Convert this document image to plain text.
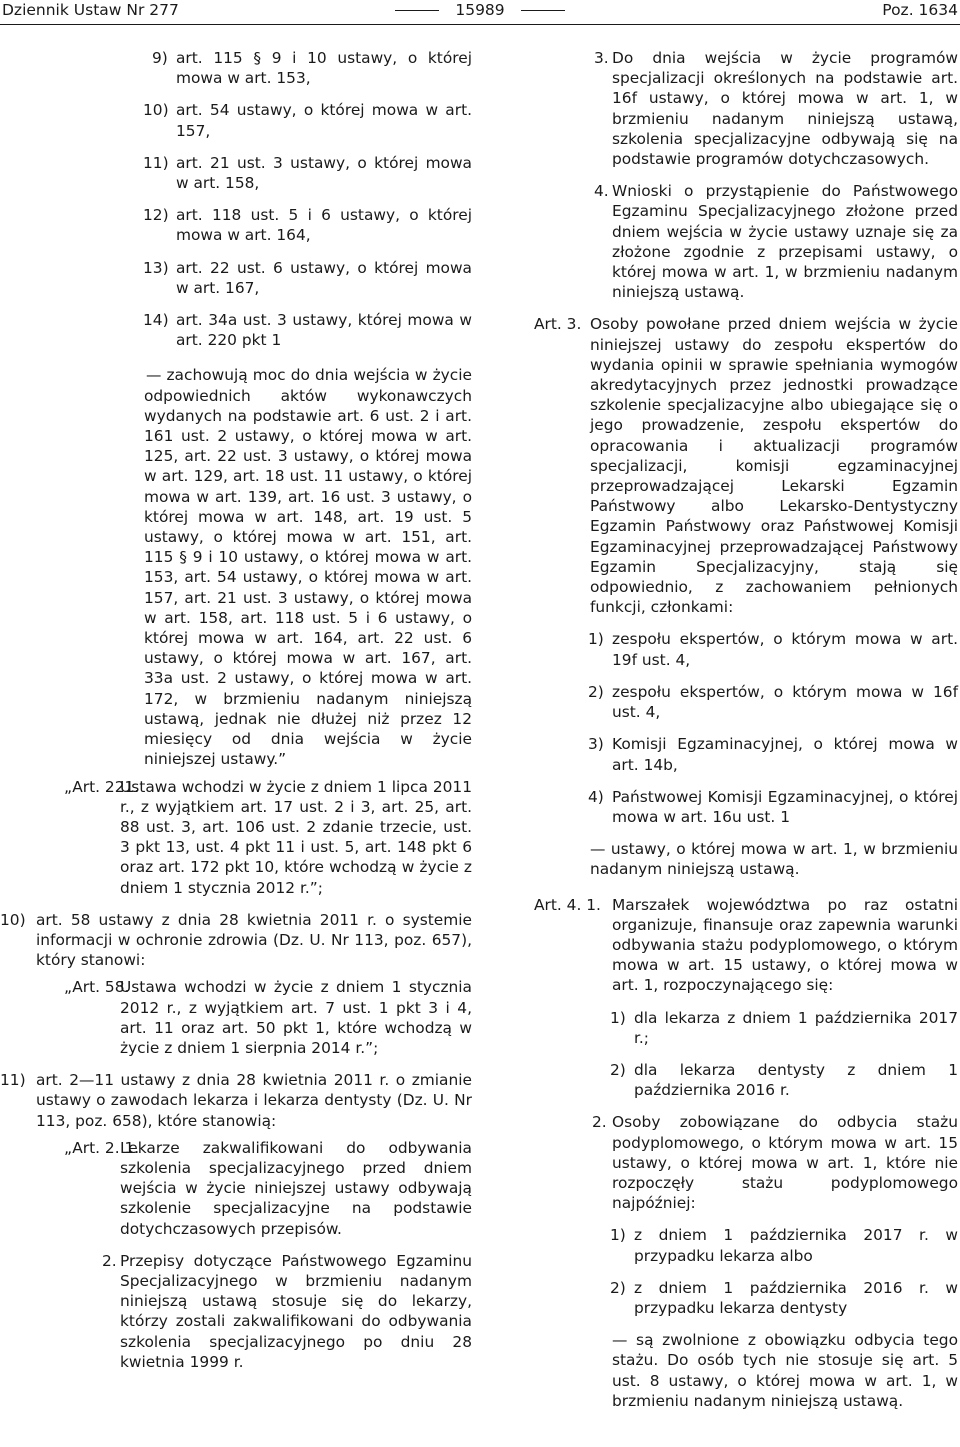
Dziennik Ustaw Nr 277	15989	Poz. 1634
9) art. 115 § 9 i 10 ustawy, o której mowa w art. 153,
10) art. 54 ustawy, o której mowa w art. 157,
11) art. 21 ust. 3 ustawy, o której mowa w art. 158,
12) art. 118 ust. 5 i 6 ustawy, o której mowa w art. 164,
13) art. 22 ust. 6 ustawy, o której mowa w art. 167,
14) art. 34a ust. 3 ustawy, której mowa w art. 220 pkt 1
— zachowują moc do dnia wejścia w życie odpowiednich aktów wykonawczych wydanych na podstawie art. 6 ust. 2 i art. 161 ust. 2 ustawy, o której mowa w art. 125, art. 22 ust. 3 ustawy, o której mowa w art. 129, art. 18 ust. 11 ustawy, o której mowa w art. 139, art. 16 ust. 3 ustawy, o której mowa w art. 148, art. 19 ust. 5 ustawy, o której mowa w art. 151, art. 115 § 9 i 10 ustawy, o której mowa w art. 153, art. 54 ustawy, o której mowa w art. 157, art. 21 ust. 3 ustawy, o której mowa w art. 158, art. 118 ust. 5 i 6 ustawy, o której mowa w art. 164, art. 22 ust. 6 ustawy, o której mowa w art. 167, art. 33a ust. 2 ustawy, o której mowa w art. 172, w brzmieniu nadanym niniejszą ustawą, jednak nie dłużej niż przez 12 miesięcy od dnia wejścia w życie niniejszej ustawy.”
„Art. 221.
Ustawa wchodzi w życie z dniem 1 lipca 2011 r., z wyjątkiem art. 17 ust. 2 i 3, art. 25, art. 88 ust. 3, art. 106 ust. 2 zdanie trzecie, ust. 3 pkt 13, ust. 4 pkt 11 i ust. 5, art. 148 pkt 6 oraz art. 172 pkt 10, które wchodzą w życie z dniem 1 stycznia 2012 r.”;
10) art. 58 ustawy z dnia 28 kwietnia 2011 r. o systemie informacji w ochronie zdrowia (Dz. U. Nr 113, poz. 657), który stanowi:
„Art. 58.
Ustawa wchodzi w życie z dniem 1 stycznia 2012 r., z wyjątkiem art. 7 ust. 1 pkt 3 i 4, art. 11 oraz art. 50 pkt 1, które wchodzą w życie z dniem 1 sierpnia 2014 r.”;
11) art. 2—11 ustawy z dnia 28 kwietnia 2011 r. o zmianie ustawy o zawodach lekarza i lekarza dentysty (Dz. U. Nr 113, poz. 658), które stanowią:
„Art. 2. 1.
Lekarze zakwalifikowani do odbywania szkolenia specjalizacyjnego przed dniem wejścia w życie niniejszej ustawy odbywają szkolenie specjalizacyjne na podstawie dotychczasowych przepisów.
2. Przepisy dotyczące Państwowego Egzaminu Specjalizacyjnego w brzmieniu nadanym niniejszą ustawą stosuje się do lekarzy, którzy zostali zakwalifikowani do odbywania szkolenia specjalizacyjnego po dniu 28 kwietnia 1999 r.
3. Do dnia wejścia w życie programów specjalizacji określonych na podstawie art. 16f ustawy, o której mowa w art. 1, w brzmieniu nadanym niniejszą ustawą, szkolenia specjalizacyjne odbywają się na podstawie programów dotychczasowych.
4. Wnioski o przystąpienie do Państwowego Egzaminu Specjalizacyjnego złożone przed dniem wejścia w życie ustawy uznaje się za złożone zgodnie z przepisami ustawy, o której mowa w art. 1, w brzmieniu nadanym niniejszą ustawą.
Art. 3. Osoby powołane przed dniem wejścia w życie niniejszej ustawy do zespołu ekspertów do wydania opinii w sprawie spełniania wymogów akredytacyjnych przez jednostki prowadzące szkolenie specjalizacyjne albo ubiegające się o jego prowadzenie, zespołu ekspertów do opracowania i aktualizacji programów specjalizacji, komisji egzaminacyjnej przeprowadzającej Lekarski Egzamin Państwowy albo Lekarsko-Dentystyczny Egzamin Państwowy oraz Państwowej Komisji Egzaminacyjnej przeprowadzającej Państwowy Egzamin Specjalizacyjny, stają się odpowiednio, z zachowaniem pełnionych funkcji, członkami:
1) zespołu ekspertów, o którym mowa w art. 19f ust. 4,
2) zespołu ekspertów, o którym mowa w 16f ust. 4,
3) Komisji Egzaminacyjnej, o której mowa w art. 14b,
4) Państwowej Komisji Egzaminacyjnej, o której mowa w art. 16u ust. 1
— ustawy, o której mowa w art. 1, w brzmieniu nadanym niniejszą ustawą.
Art. 4. 1. Marszałek województwa po raz ostatni organizuje, finansuje oraz zapewnia warunki odbywania stażu podyplomowego, o którym mowa w art. 15 ustawy, o której mowa w art. 1, rozpoczynającego się:
1) dla lekarza z dniem 1 października 2017 r.;
2) dla lekarza dentysty z dniem 1 października 2016 r.
2. Osoby zobowiązane do odbycia stażu podyplomowego, o którym mowa w art. 15 ustawy, o której mowa w art. 1, które nie rozpoczęły stażu podyplomowego najpóźniej:
1) z dniem 1 października 2017 r. w przypadku lekarza albo
2) z dniem 1 października 2016 r. w przypadku lekarza dentysty
— są zwolnione z obowiązku odbycia tego stażu. Do osób tych nie stosuje się art. 5 ust. 8 ustawy, o której mowa w art. 1, w brzmieniu nadanym niniejszą ustawą.
